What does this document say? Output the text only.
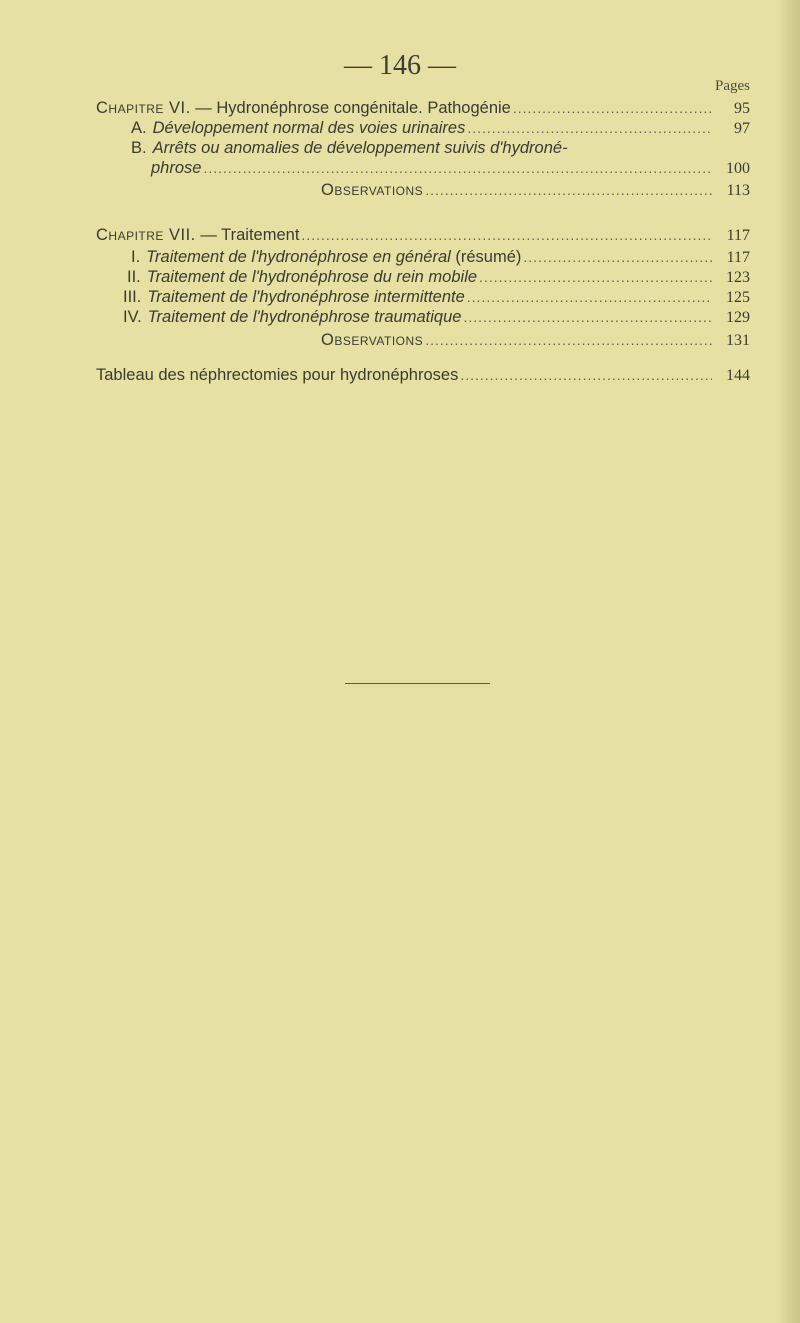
— 146 —
Pages
Chapitre VI. — Hydronéphrose congénitale. Pathogénie .....	95
A. Développement normal des voies urinaires .....	97
B. Arrêts ou anomalies de développement suivis d'hydroné-
phrose .....	100
Observations .....	113
Chapitre VII. — Traitement .....	117
I. Traitement de l'hydronéphrose en général (résumé) .....	117
II. Traitement de l'hydronéphrose du rein mobile .....	123
III. Traitement de l'hydronéphrose intermittente .....	125
IV. Traitement de l'hydronéphrose traumatique .....	129
Observations .....	131
Tableau des néphrectomies pour hydronéphroses .....	144
